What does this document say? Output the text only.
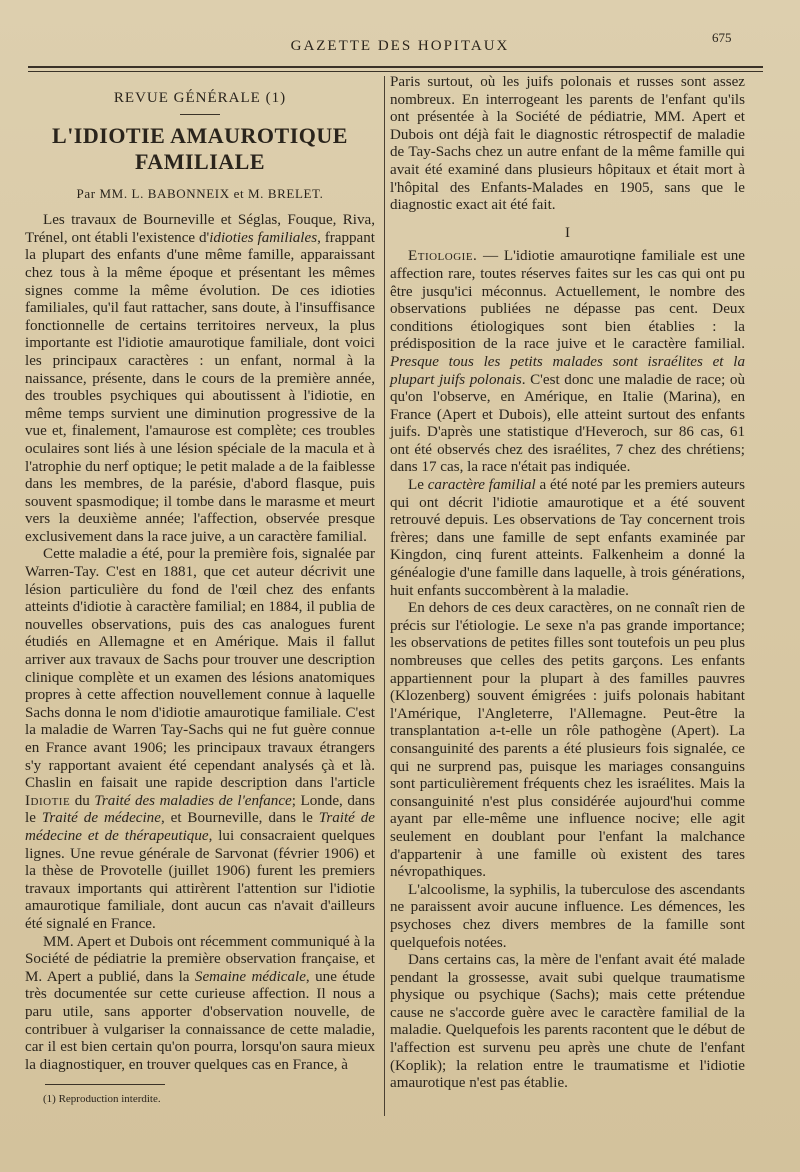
GAZETTE DES HOPITAUX
675
REVUE GÉNÉRALE (1)
L'IDIOTIE AMAUROTIQUE FAMILIALE
Par MM. L. BABONNEIX et M. BRELET.

Les travaux de Bourneville et Séglas, Fouque, Riva, Trénel, ont établi l'existence d'idioties familiales, frappant la plupart des enfants d'une même famille, apparaissant chez tous à la même époque et présentant les mêmes signes comme la même évolution. De ces idioties familiales, qu'il faut rattacher, sans doute, à l'insuffisance fonctionnelle de certains territoires nerveux, la plus importante est l'idiotie amaurotique familiale, dont voici les principaux caractères : un enfant, normal à la naissance, présente, dans le cours de la première année, des troubles psychiques qui aboutissent à l'idiotie, en même temps survient une diminution progressive de la vue et, finalement, l'amaurose est complète; ces troubles oculaires sont liés à une lésion spéciale de la macula et à l'atrophie du nerf optique; le petit malade a de la faiblesse dans les membres, de la parésie, d'abord flasque, puis souvent spasmodique; il tombe dans le marasme et meurt vers la deuxième année; l'affection, observée presque exclusivement dans la race juive, a un caractère familial.

Cette maladie a été, pour la première fois, signalée par Warren-Tay. C'est en 1881, que cet auteur décrivit une lésion particulière du fond de l'œil chez des enfants atteints d'idiotie à caractère familial; en 1884, il publia de nouvelles observations, puis des cas analogues furent étudiés en Allemagne et en Amérique. Mais il fallut arriver aux travaux de Sachs pour trouver une description clinique complète et un examen des lésions anatomiques propres à cette affection nouvellement connue à laquelle Sachs donna le nom d'idiotie amaurotique familiale. C'est la maladie de Warren Tay-Sachs qui ne fut guère connue en France avant 1906; les principaux travaux étrangers s'y rapportant avaient été cependant analysés çà et là. Chaslin en faisait une rapide description dans l'article Idiotie du Traité des maladies de l'enfance; Londe, dans le Traité de médecine, et Bourneville, dans le Traité de médecine et de thérapeutique, lui consacraient quelques lignes. Une revue générale de Sarvonat (février 1906) et la thèse de Provotelle (juillet 1906) furent les premiers travaux importants qui attirèrent l'attention sur l'idiotie amaurotique familiale, dont aucun cas n'avait d'ailleurs été signalé en France.

MM. Apert et Dubois ont récemment communiqué à la Société de pédiatrie la première observation française, et M. Apert a publié, dans la Semaine médicale, une étude très documentée sur cette curieuse affection. Il nous a paru utile, sans apporter d'observation nouvelle, de contribuer à vulgariser la connaissance de cette maladie, car il est bien certain qu'on pourra, lorsqu'on saura mieux la diagnostiquer, en trouver quelques cas en France, à

(1) Reproduction interdite.

Paris surtout, où les juifs polonais et russes sont assez nombreux. En interrogeant les parents de l'enfant qu'ils ont présentée à la Société de pédiatrie, MM. Apert et Dubois ont déjà fait le diagnostic rétrospectif de maladie de Tay-Sachs chez un autre enfant de la même famille qui avait été examiné dans plusieurs hôpitaux et était mort à l'hôpital des Enfants-Malades en 1905, sans que le diagnostic exact ait été fait.

I

Etiologie. — L'idiotie amaurotiqne familiale est une affection rare, toutes réserves faites sur les cas qui ont pu être jusqu'ici méconnus. Actuellement, le nombre des observations publiées ne dépasse pas cent. Deux conditions étiologiques sont bien établies : la prédisposition de la race juive et le caractère familial. Presque tous les petits malades sont israélites et la plupart juifs polonais. C'est donc une maladie de race; où qu'on l'observe, en Amérique, en Italie (Marina), en France (Apert et Dubois), elle atteint surtout des enfants juifs. D'après une statistique d'Heveroch, sur 86 cas, 61 ont été observés chez des israélites, 7 chez des chrétiens; dans 17 cas, la race n'était pas indiquée.

Le caractère familial a été noté par les premiers auteurs qui ont décrit l'idiotie amaurotique et a été souvent retrouvé depuis. Les observations de Tay concernent trois frères; dans une famille de sept enfants examinée par Kingdon, cinq furent atteints. Falkenheim a donné la généalogie d'une famille dans laquelle, à trois générations, huit enfants succombèrent à la maladie.

En dehors de ces deux caractères, on ne connaît rien de précis sur l'étiologie. Le sexe n'a pas grande importance; les observations de petites filles sont toutefois un peu plus nombreuses que celles des petits garçons. Les enfants appartiennent pour la plupart à des familles pauvres (Klozenberg) souvent émigrées : juifs polonais habitant l'Amérique, l'Angleterre, l'Allemagne. Peut-être la transplantation a-t-elle un rôle pathogène (Apert). La consanguinité des parents a été plusieurs fois signalée, ce qui ne surprend pas, puisque les mariages consanguins sont particulièrement fréquents chez les israélites. Mais la consanguinité n'est plus considérée aujourd'hui comme ayant par elle-même une influence nocive; elle agit seulement en doublant pour l'enfant la malchance d'appartenir à une famille où existent des tares névropathiques.

L'alcoolisme, la syphilis, la tuberculose des ascendants ne paraissent avoir aucune influence. Les démences, les psychoses chez divers membres de la famille sont quelquefois notées.

Dans certains cas, la mère de l'enfant avait été malade pendant la grossesse, avait subi quelque traumatisme physique ou psychique (Sachs); mais cette prétendue cause ne s'accorde guère avec le caractère familial de la maladie. Quelquefois les parents racontent que le début de l'affection est survenu peu après une chute de l'enfant (Koplik); la relation entre le traumatisme et l'idiotie amaurotique n'est pas établie.
